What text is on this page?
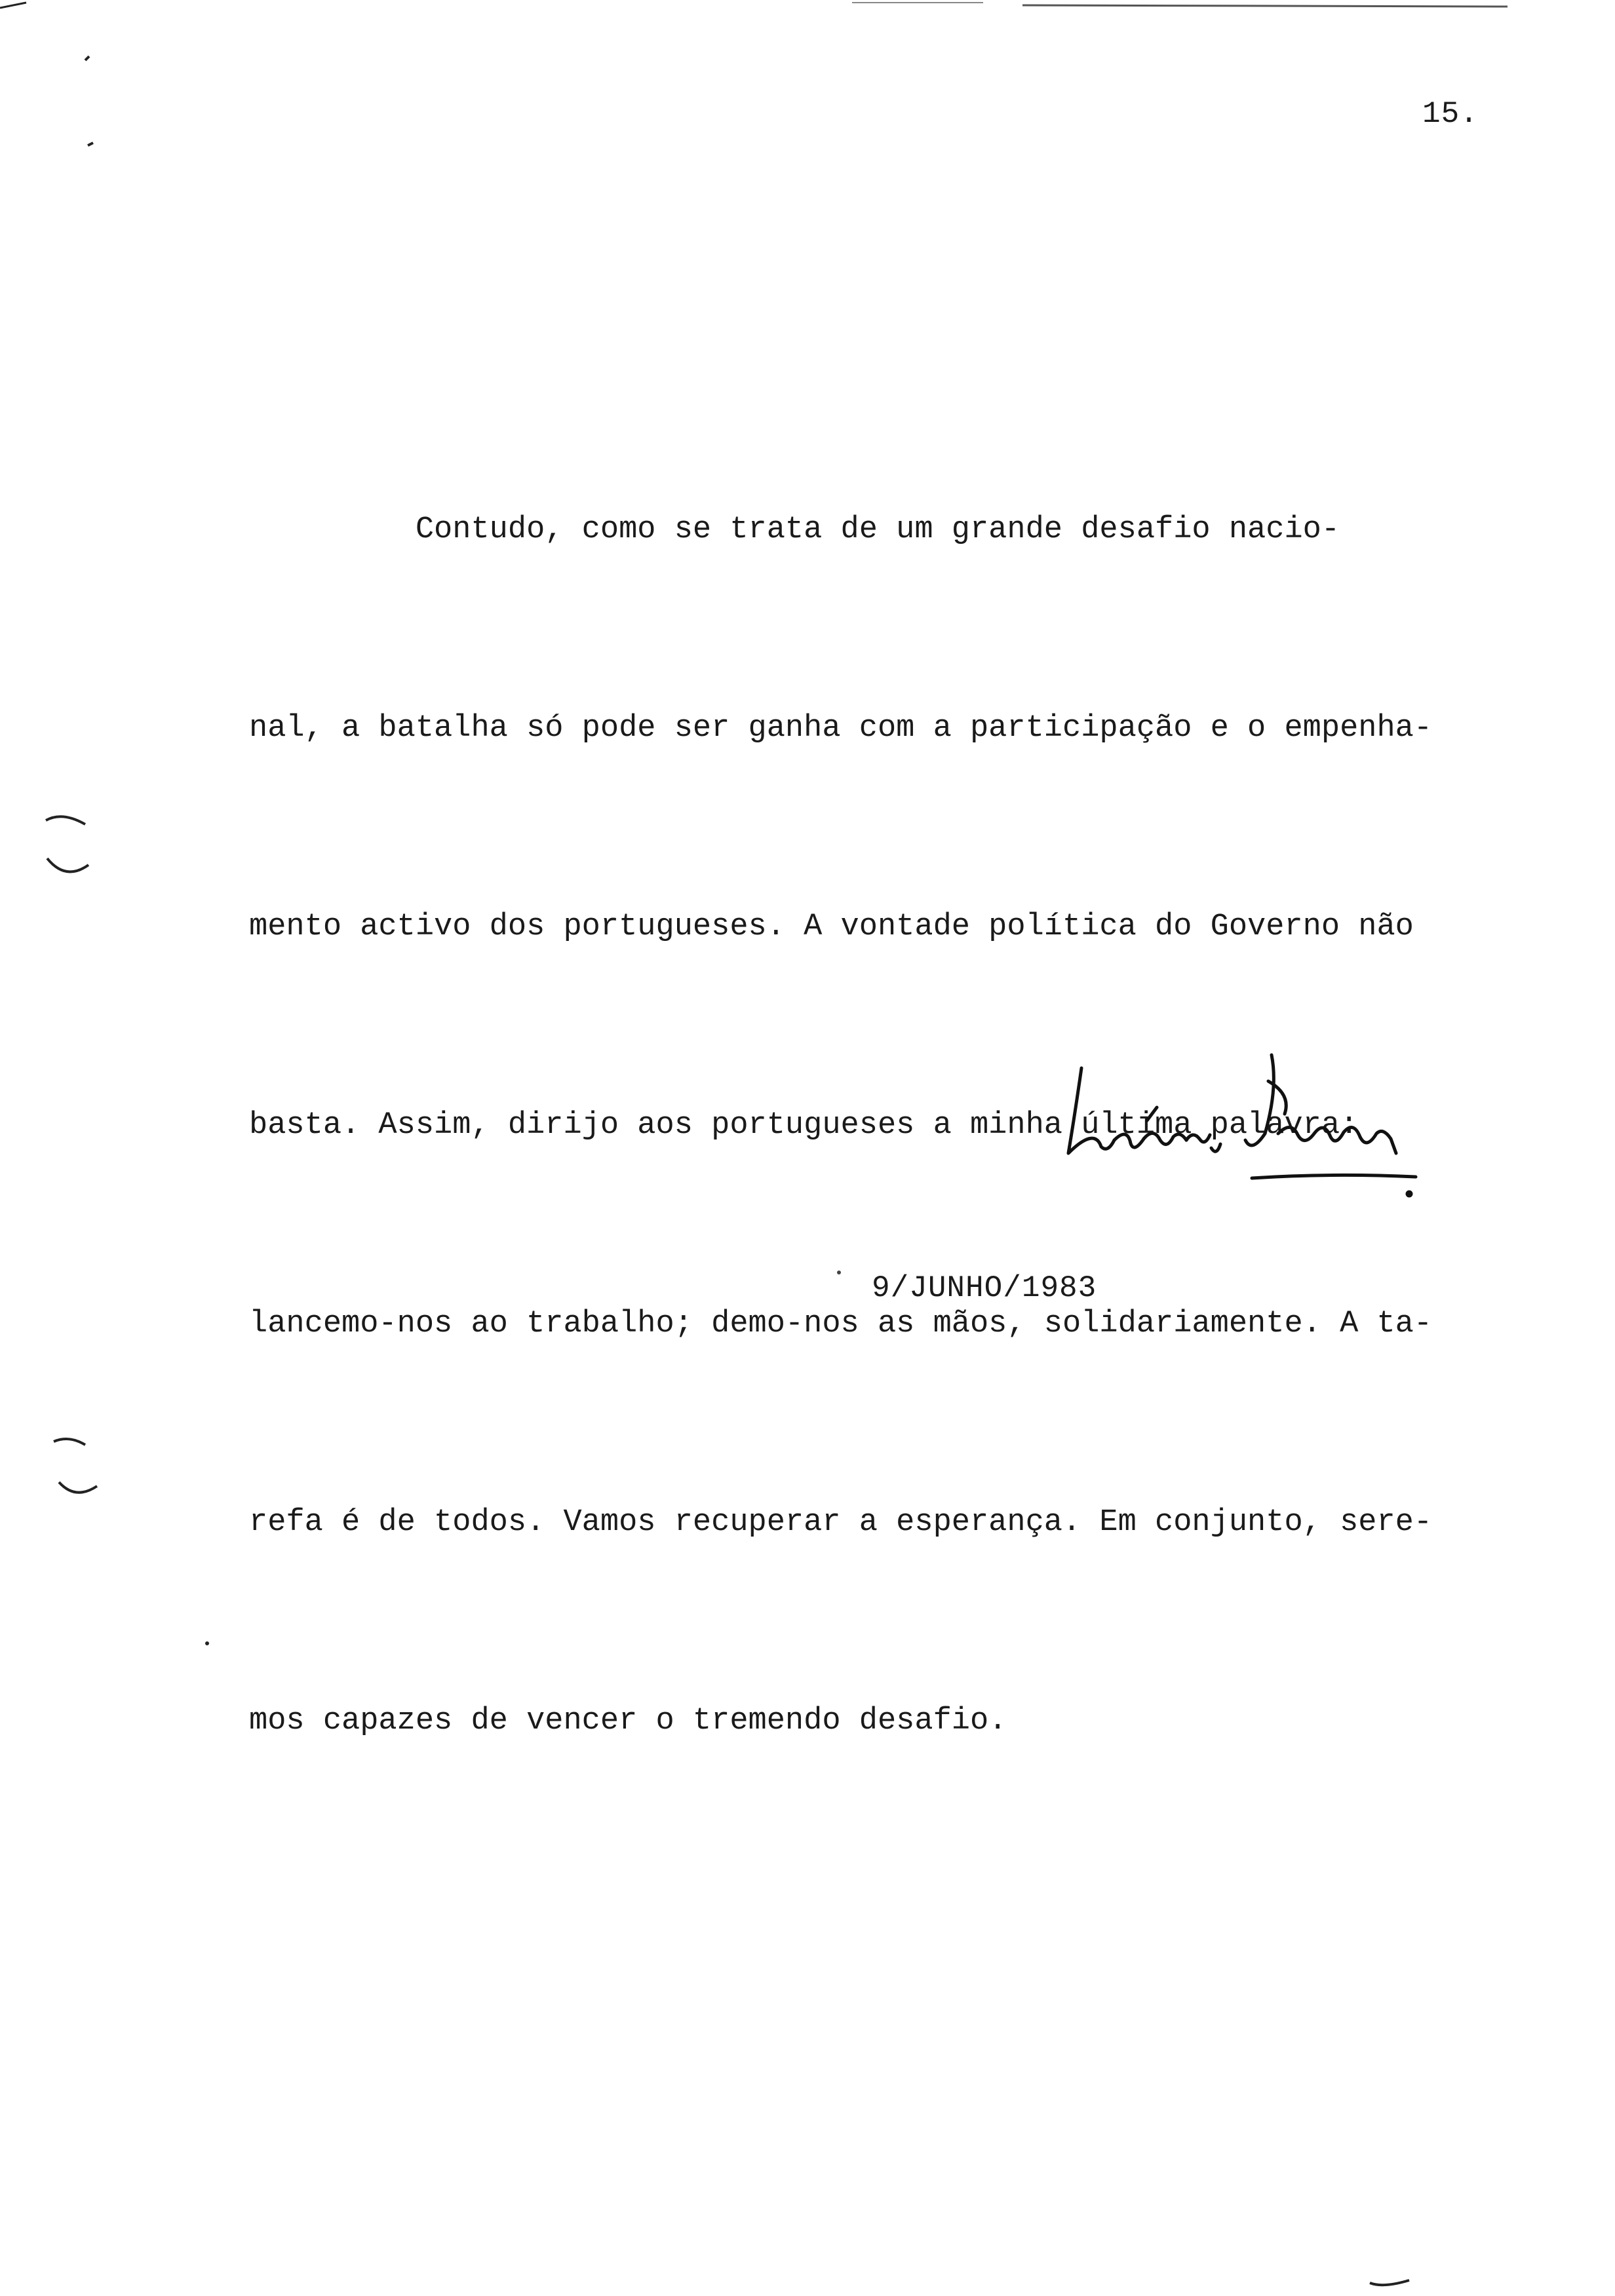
15.

Contudo, como se trata de um grande desafio nacio-

nal, a batalha só pode ser ganha com a participação e o empenha-

mento activo dos portugueses. A vontade política do Governo não

basta. Assim, dirijo aos portugueses a minha última palavra:

lancemo-nos ao trabalho; demo-nos as mãos, solidariamente. A ta-

refa é de todos. Vamos recuperar a esperança. Em conjunto, sere-

mos capazes de vencer o tremendo desafio.

9/JUNHO/1983
